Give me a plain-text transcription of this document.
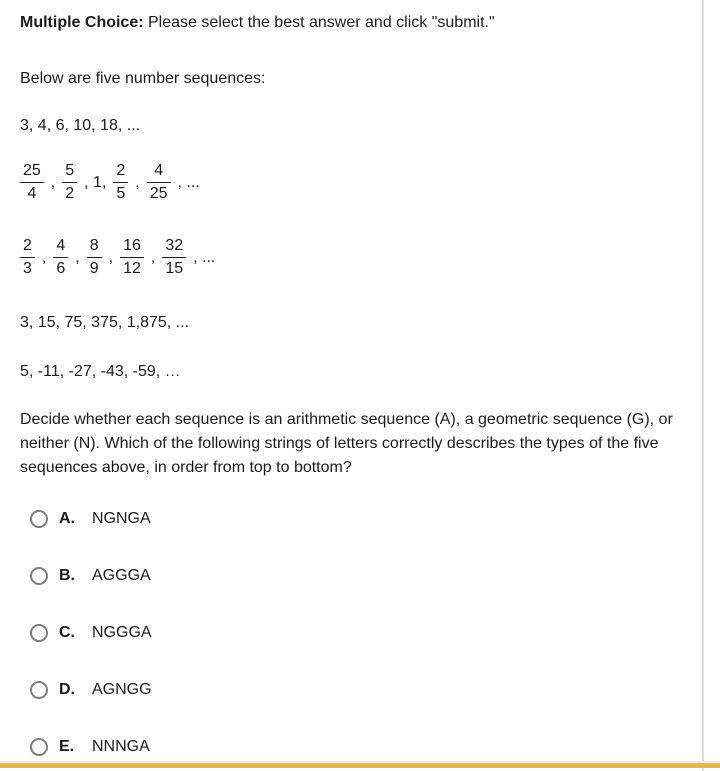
Multiple Choice: Please select the best answer and click "submit."

Below are five number sequences:

3, 4, 6, 10, 18, ...

$\frac{25}{4}$ , $\frac{5}{2}$ , 1, $\frac{2}{5}$ , $\frac{4}{25}$ , ...
$\frac{2}{3}$ , $\frac{4}{6}$ , $\frac{8}{9}$ , $\frac{16}{12}$ , $\frac{32}{15}$ , ...

3, 15, 75, 375, 1,875, ...

5, -11, -27, -43, -59, …

Decide whether each sequence is an arithmetic sequence (A), a geometric sequence (G), or neither (N). Which of the following strings of letters correctly describes the types of the five sequences above, in order from top to bottom?

A.	NGNGA
B.	AGGGA
C.	NGGGA
D.	AGNGG
E.	NNNGA
